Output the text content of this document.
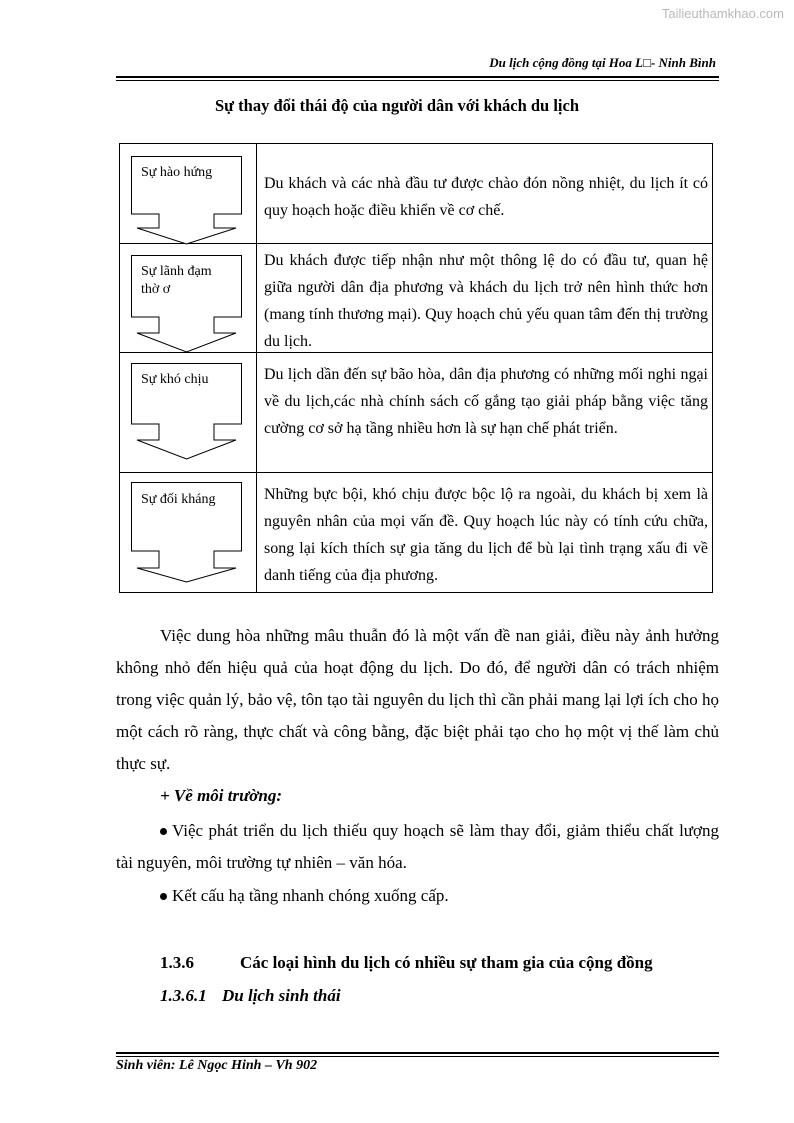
Tailieuthamkhao.com
Du lịch cộng đồng tại Hoa L□- Ninh Bình
Sự thay đổi thái độ của người dân với khách du lịch
Sự hào hứng
Sự lãnh đạm
thờ ơ
Sự khó chịu
Sự đối kháng
Du khách và các nhà đầu tư được chào đón nồng nhiệt, du lịch ít có quy hoạch hoặc điều khiển về cơ chế.
Du khách được tiếp nhận như một thông lệ do có đầu tư, quan hệ giữa người dân địa phương và khách du lịch trở nên hình thức hơn (mang tính thương mại). Quy hoạch chủ yếu quan tâm đến thị trường du lịch.
Du lịch dần đến sự bão hòa, dân địa phương có những mối nghi ngại về du lịch,các nhà chính sách cố gắng tạo giải pháp bằng việc tăng cường cơ sở hạ tầng nhiều hơn là sự hạn chế phát triển.
Những bực bội, khó chịu được bộc lộ ra ngoài, du khách bị xem là nguyên nhân của mọi vấn đề. Quy hoạch lúc này có tính cứu chữa, song lại kích thích sự gia tăng du lịch để bù lại tình trạng xấu đi về danh tiếng của địa phương.
Việc dung hòa những mâu thuẫn đó là một vấn đề nan giải, điều này ảnh hưởng không nhỏ đến hiệu quả của hoạt động du lịch. Do đó, để người dân có trách nhiệm trong việc quản lý, bảo vệ, tôn tạo tài nguyên du lịch thì cần phải mang lại lợi ích cho họ một cách rõ ràng, thực chất và công bằng, đặc biệt phải tạo cho họ một vị thế làm chủ thực sự.
+ Về môi trường:
Việc phát triển du lịch thiếu quy hoạch sẽ làm thay đổi, giảm thiểu chất lượng tài nguyên, môi trường tự nhiên – văn hóa.
Kết cấu hạ tầng nhanh chóng xuống cấp.
1.3.6	Các loại hình du lịch có nhiều sự tham gia của cộng đồng
1.3.6.1 Du lịch sinh thái
Sinh viên: Lê Ngọc Hinh – Vh 902
